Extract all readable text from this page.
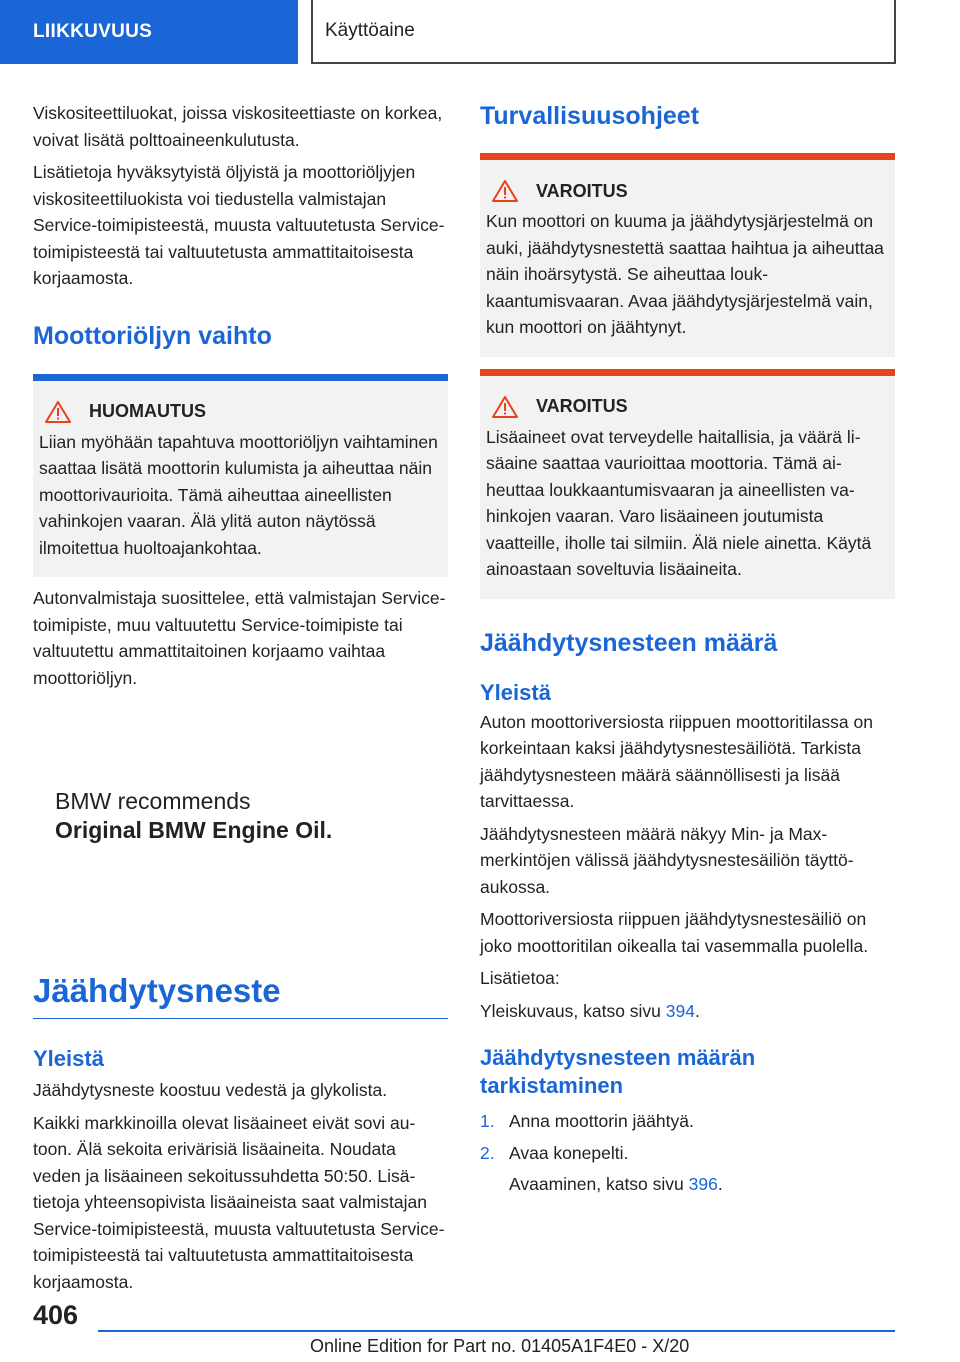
LIIKKUVUUS	Käyttöaine

Viskositeettiluokat, joissa viskositeettiaste on korkea, voivat lisätä polttoaineenkulutusta.

Lisätietoja hyväksytyistä öljyistä ja moottoriöljyjen viskositeettiluokista voi tiedustella valmistajan Service-toimipisteestä, muusta valtuutetusta Service-toimipisteestä tai valtuutetusta ammattitaitoisesta korjaamosta.

Moottoriöljyn vaihto
HUOMAUTUS

Liian myöhään tapahtuva moottoriöljyn vaihtaminen saattaa lisätä moottorin kulumista ja aiheuttaa näin moottorivaurioita. Tämä aiheuttaa aineellisten vahinkojen vaaran. Älä ylitä auton näytössä ilmoitettua huoltoajankohtaa.

Autonvalmistaja suosittelee, että valmistajan Service-toimipiste, muu valtuutettu Service-toimipiste tai valtuutettu ammattitaitoinen korjaamo vaihtaa moottoriöljyn.

BMW recommends
Original BMW Engine Oil.
Jäähdytysneste
Yleistä

Jäähdytysneste koostuu vedestä ja glykolista.

Kaikki markkinoilla olevat lisäaineet eivät sovi autoon. Älä sekoita erivärisiä lisäaineita. Noudata veden ja lisäaineen sekoitussuhdetta 50:50. Lisätietoja yhteensopivista lisäaineista saat valmistajan Service-toimipisteestä, muusta valtuutetusta Service-toimipisteestä tai valtuutetusta ammattitaitoisesta korjaamosta.

Turvallisuusohjeet
VAROITUS

Kun moottori on kuuma ja jäähdytysjärjestelmä on auki, jäähdytysnestettä saattaa haihtua ja aiheuttaa näin ihoärsytystä. Se aiheuttaa loukkaantumisvaaran. Avaa jäähdytysjärjestelmä vain, kun moottori on jäähtynyt.

VAROITUS

Lisäaineet ovat terveydelle haitallisia, ja väärä lisäaine saattaa vaurioittaa moottoria. Tämä aiheuttaa loukkaantumisvaaran ja aineellisten vahinkojen vaaran. Varo lisäaineen joutumista vaatteille, iholle tai silmiin. Älä niele ainetta. Käytä ainoastaan soveltuvia lisäaineita.

Jäähdytysnesteen määrä
Yleistä

Auton moottoriversiosta riippuen moottoritilassa on korkeintaan kaksi jäähdytysnestesäiliötä. Tarkista jäähdytysnesteen määrä säännöllisesti ja lisää tarvittaessa.

Jäähdytysnesteen määrä näkyy Min- ja Max-merkintöjen välissä jäähdytysnestesäiliön täyttöaukossa.

Moottoriversiosta riippuen jäähdytysnestesäiliö on joko moottoritilan oikealla tai vasemmalla puolella.

Lisätietoa:

Yleiskuvaus, katso sivu 394.

Jäähdytysnesteen määrän
tarkistaminen
1. Anna moottorin jäähtyä.
2. Avaa konepelti.

Avaaminen, katso sivu 396.

406
Online Edition for Part no. 01405A1F4E0 - X/20
